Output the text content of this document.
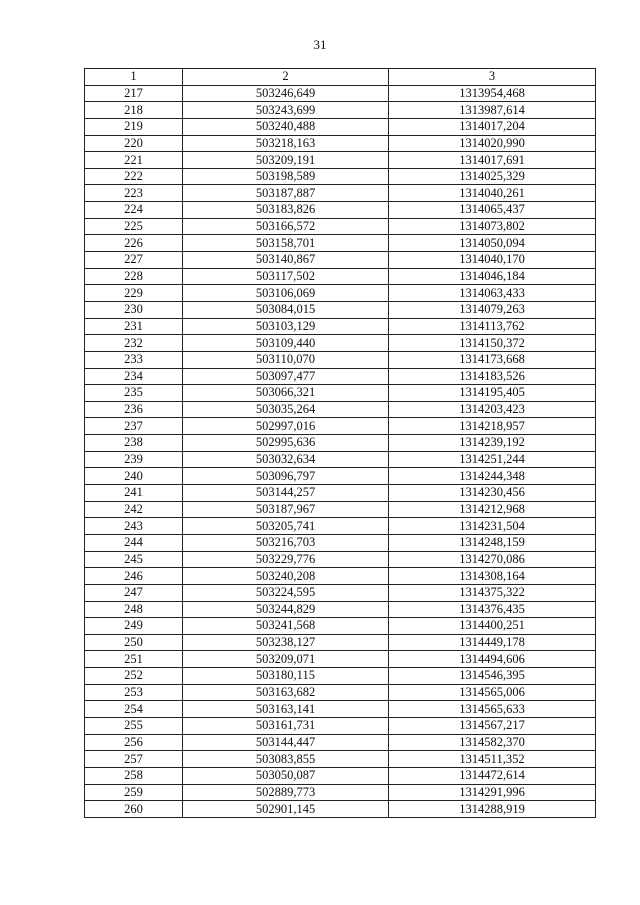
31
1	2	3
217	503246,649	1313954,468
218	503243,699	1313987,614
219	503240,488	1314017,204
220	503218,163	1314020,990
221	503209,191	1314017,691
222	503198,589	1314025,329
223	503187,887	1314040,261
224	503183,826	1314065,437
225	503166,572	1314073,802
226	503158,701	1314050,094
227	503140,867	1314040,170
228	503117,502	1314046,184
229	503106,069	1314063,433
230	503084,015	1314079,263
231	503103,129	1314113,762
232	503109,440	1314150,372
233	503110,070	1314173,668
234	503097,477	1314183,526
235	503066,321	1314195,405
236	503035,264	1314203,423
237	502997,016	1314218,957
238	502995,636	1314239,192
239	503032,634	1314251,244
240	503096,797	1314244,348
241	503144,257	1314230,456
242	503187,967	1314212,968
243	503205,741	1314231,504
244	503216,703	1314248,159
245	503229,776	1314270,086
246	503240,208	1314308,164
247	503224,595	1314375,322
248	503244,829	1314376,435
249	503241,568	1314400,251
250	503238,127	1314449,178
251	503209,071	1314494,606
252	503180,115	1314546,395
253	503163,682	1314565,006
254	503163,141	1314565,633
255	503161,731	1314567,217
256	503144,447	1314582,370
257	503083,855	1314511,352
258	503050,087	1314472,614
259	502889,773	1314291,996
260	502901,145	1314288,919
